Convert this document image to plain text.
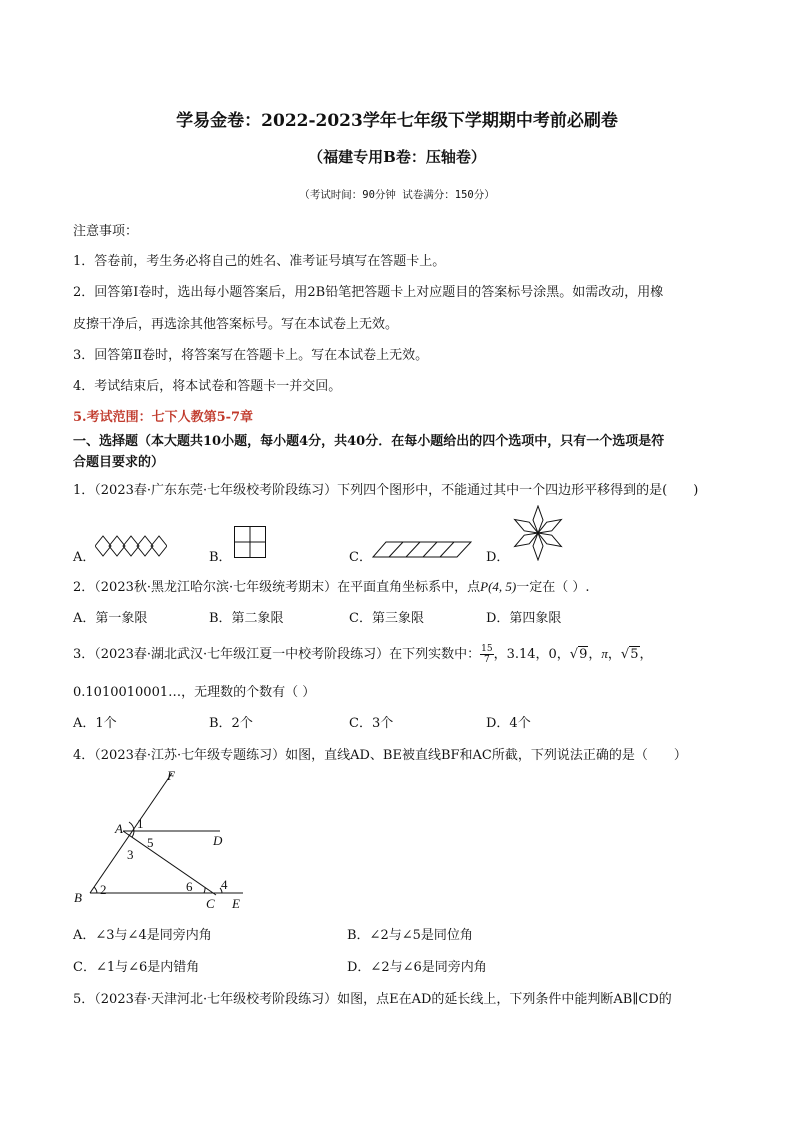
学易金卷：2022-2023学年七年级下学期期中考前必刷卷
（福建专用B卷：压轴卷）
（考试时间：90分钟 试卷满分：150分）
注意事项：
1．答卷前，考生务必将自己的姓名、准考证号填写在答题卡上。
2．回答第Ⅰ卷时，选出每小题答案后，用2B铅笔把答题卡上对应题目的答案标号涂黑。如需改动，用橡
皮擦干净后，再选涂其他答案标号。写在本试卷上无效。
3．回答第Ⅱ卷时，将答案写在答题卡上。写在本试卷上无效。
4．考试结束后，将本试卷和答题卡一并交回。
5.考试范围：七下人教第5-7章
一、选择题（本大题共10小题，每小题4分，共40分．在每小题给出的四个选项中，只有一个选项是符
合题目要求的）
1．（2023春·广东东莞·七年级校考阶段练习）下列四个图形中，不能通过其中一个四边形平移得到的是(　　)
A．	B．	C．	D．
2．（2023秋·黑龙江哈尔滨·七年级统考期末）在平面直角坐标系中，点P(4, 5)一定在（ ）.
A．第一象限	B．第二象限	C．第三象限	D．第四象限
3．（2023春·湖北武汉·七年级江夏一中校考阶段练习）在下列实数中： $\frac{15}{7}$ ，3.14，0，√9，π，√5，
0.1010010001…，无理数的个数有（ ）
A．1个	B．2个	C．3个	D．4个
4．（2023春·江苏·七年级专题练习）如图，直线AD、BE被直线BF和AC所截，下列说法正确的是（　　）
F
A
D
B	C E
1
5
3
2	6 4
A．∠3与∠4是同旁内角	B．∠2与∠5是同位角
C．∠1与∠6是内错角	D．∠2与∠6是同旁内角
5．（2023春·天津河北·七年级校考阶段练习）如图，点E在AD的延长线上，下列条件中能判断AB∥CD的
